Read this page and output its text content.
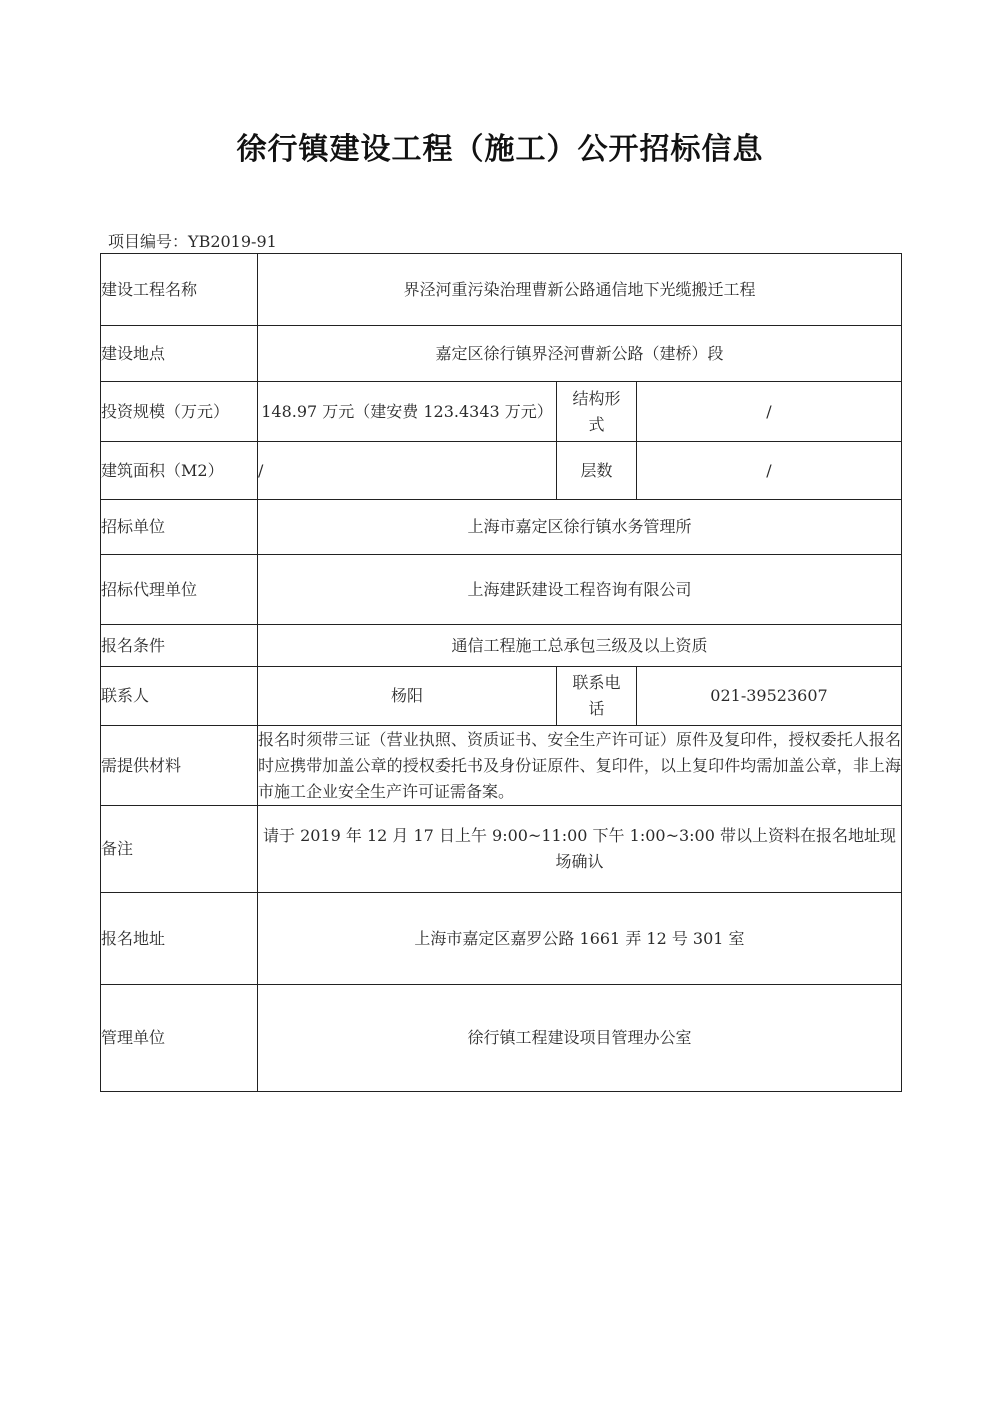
徐行镇建设工程（施工）公开招标信息
项目编号：YB2019-91
建设工程名称	界泾河重污染治理曹新公路通信地下光缆搬迁工程		
建设地点	嘉定区徐行镇界泾河曹新公路（建桥）段		
投资规模（万元）	148.97 万元（建安费 123.4343 万元）	结构形式	/
建筑面积（M2）	/	层数	/
招标单位	上海市嘉定区徐行镇水务管理所		
招标代理单位	上海建跃建设工程咨询有限公司		
报名条件	通信工程施工总承包三级及以上资质		
联系人	杨阳	联系电话	021-39523607
需提供材料	报名时须带三证（营业执照、资质证书、安全生产许可证）原件及复印件，授权委托人报名时应携带加盖公章的授权委托书及身份证原件、复印件，以上复印件均需加盖公章，非上海市施工企业安全生产许可证需备案。		
备注	请于 2019 年 12 月 17 日上午 9:00~11:00 下午 1:00~3:00 带以上资料在报名地址现场确认		
报名地址	上海市嘉定区嘉罗公路 1661 弄 12 号 301 室		
管理单位	徐行镇工程建设项目管理办公室		
